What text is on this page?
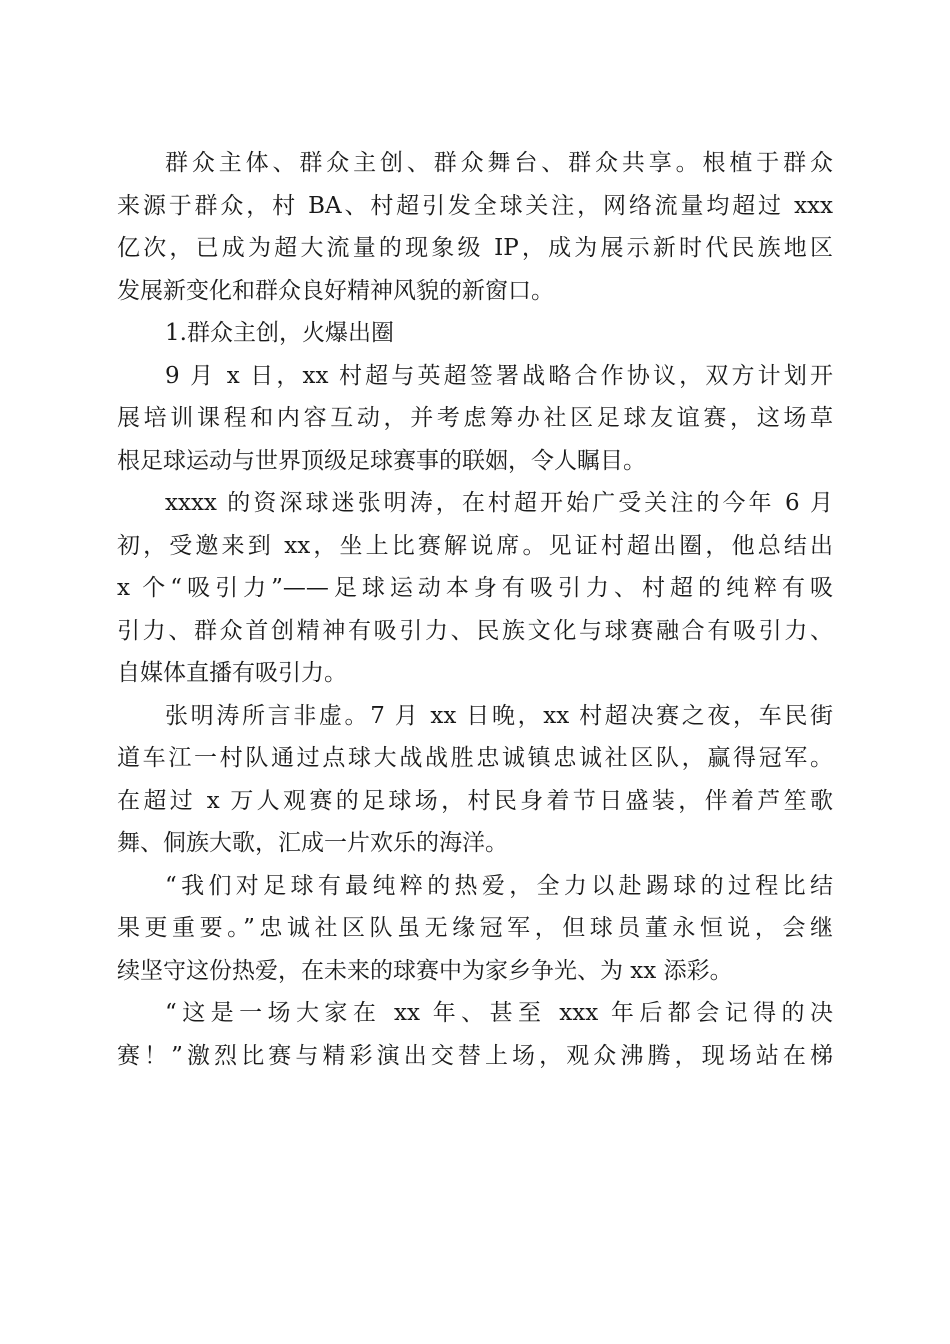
群众主体、群众主创、群众舞台、群众共享。根植于群众
来源于群众，村 BA、村超引发全球关注，网络流量均超过 xxx
亿次，已成为超大流量的现象级 IP，成为展示新时代民族地区
发展新变化和群众良好精神风貌的新窗口。
1.群众主创，火爆出圈
9 月 x 日，xx 村超与英超签署战略合作协议，双方计划开
展培训课程和内容互动，并考虑筹办社区足球友谊赛，这场草
根足球运动与世界顶级足球赛事的联姻，令人瞩目。
xxxx 的资深球迷张明涛，在村超开始广受关注的今年 6 月
初，受邀来到 xx，坐上比赛解说席。见证村超出圈，他总结出
x 个“吸引力”——足球运动本身有吸引力、村超的纯粹有吸
引力、群众首创精神有吸引力、民族文化与球赛融合有吸引力、
自媒体直播有吸引力。
张明涛所言非虚。7 月 xx 日晚，xx 村超决赛之夜，车民街
道车江一村队通过点球大战战胜忠诚镇忠诚社区队，赢得冠军。
在超过 x 万人观赛的足球场，村民身着节日盛装，伴着芦笙歌
舞、侗族大歌，汇成一片欢乐的海洋。
“我们对足球有最纯粹的热爱，全力以赴踢球的过程比结
果更重要。”忠诚社区队虽无缘冠军，但球员董永恒说，会继
续坚守这份热爱，在未来的球赛中为家乡争光、为 xx 添彩。
“这是一场大家在 xx 年、甚至 xxx 年后都会记得的决
赛！”激烈比赛与精彩演出交替上场，观众沸腾，现场站在梯
